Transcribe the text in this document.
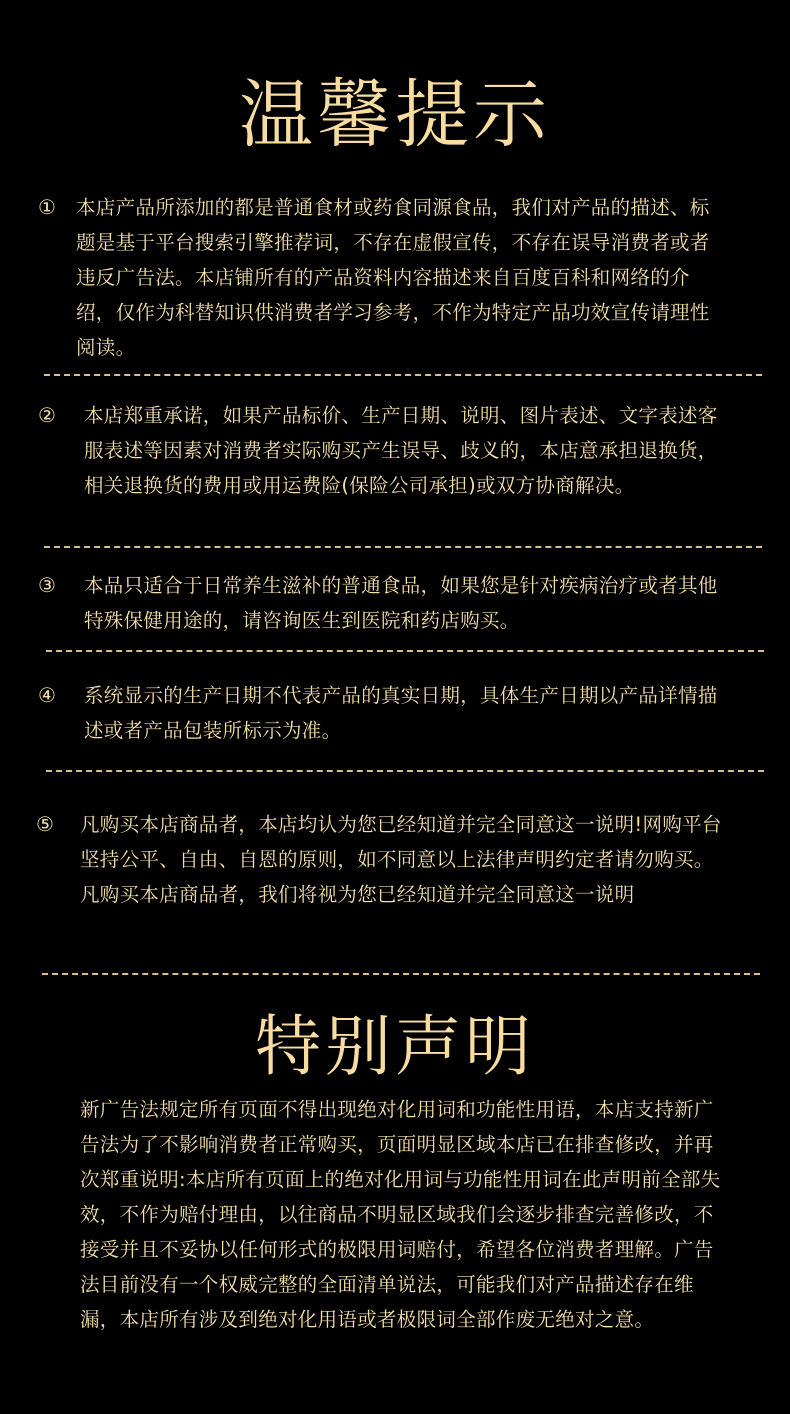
温馨提示
①	本店产品所添加的都是普通食材或药食同源食品，我们对产品的描述、标题是基于平台搜索引擎推荐词，不存在虚假宣传，不存在误导消费者或者违反广告法。本店铺所有的产品资料内容描述来自百度百科和网络的介绍，仅作为科替知识供消费者学习参考，不作为特定产品功效宣传请理性阅读。
②	本店郑重承诺，如果产品标价、生产日期、说明、图片表述、文字表述客服表述等因素对消费者实际购买产生误导、歧义的，本店意承担退换货，相关退换货的费用或用运费险(保险公司承担)或双方协商解决。
③	本品只适合于日常养生滋补的普通食品，如果您是针对疾病治疗或者其他特殊保健用途的，请咨询医生到医院和药店购买。
④	系统显示的生产日期不代表产品的真实日期，具体生产日期以产品详情描述或者产品包装所标示为准。
⑤	凡购买本店商品者，本店均认为您已经知道并完全同意这一说明!网购平台坚持公平、自由、自恩的原则，如不同意以上法律声明约定者请勿购买。凡购买本店商品者，我们将视为您已经知道并完全同意这一说明
特别声明

新广告法规定所有页面不得出现绝对化用词和功能性用语，本店支持新广告法为了不影响消费者正常购买，页面明显区域本店已在排查修改，并再次郑重说明:本店所有页面上的绝对化用词与功能性用词在此声明前全部失效，不作为赔付理由，以往商品不明显区域我们会逐步排查完善修改，不接受并且不妥协以任何形式的极限用词赔付，希望各位消费者理解。广告法目前没有一个权威完整的全面清单说法，可能我们对产品描述存在维漏，本店所有涉及到绝对化用语或者极限词全部作废无绝对之意。
